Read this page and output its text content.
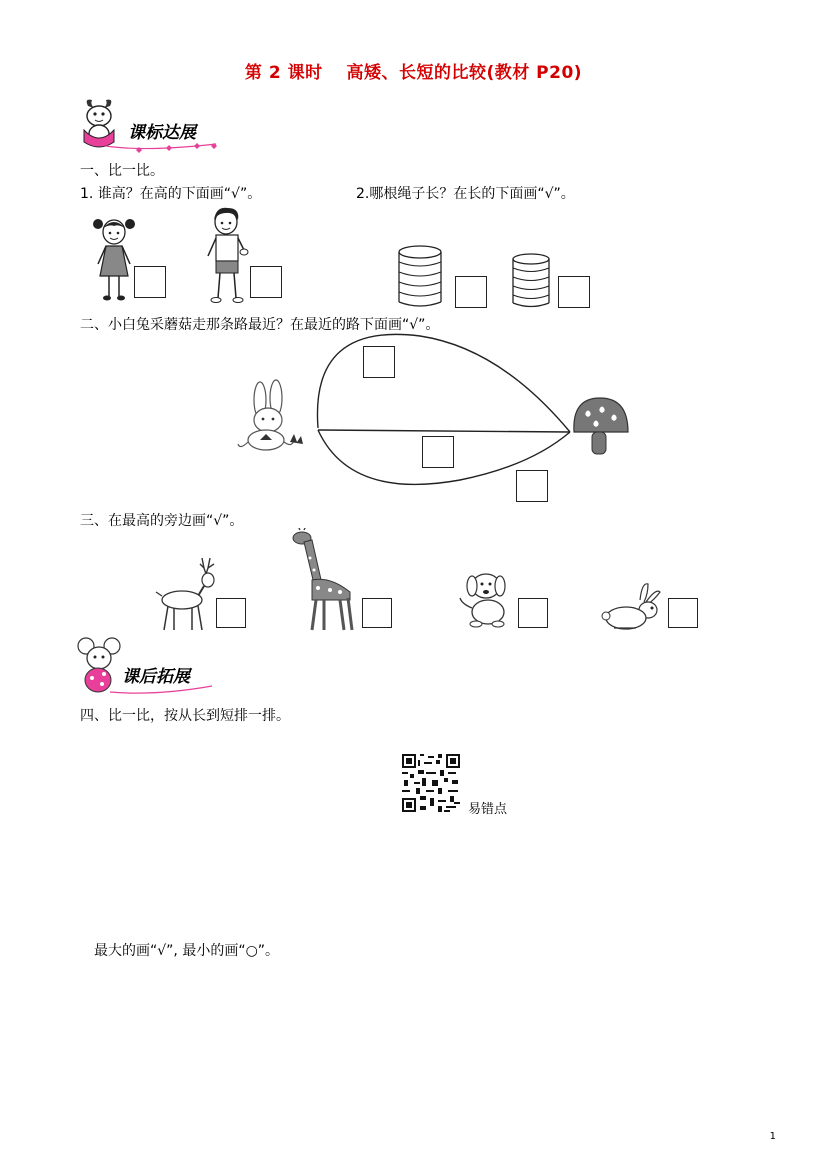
第 2 课时　 高矮、长短的比较(教材 P20)
课标达展
一、比一比。
1. 谁高？在高的下面画“√”。	2.哪根绳子长？在长的下面画“√”。
二、小白兔采蘑菇走那条路最近？在最近的路下面画“√”。
三、在最高的旁边画“√”。
课后拓展
四、比一比，按从长到短排一排。
易错点
最大的画“√”, 最小的画“○”。
1
